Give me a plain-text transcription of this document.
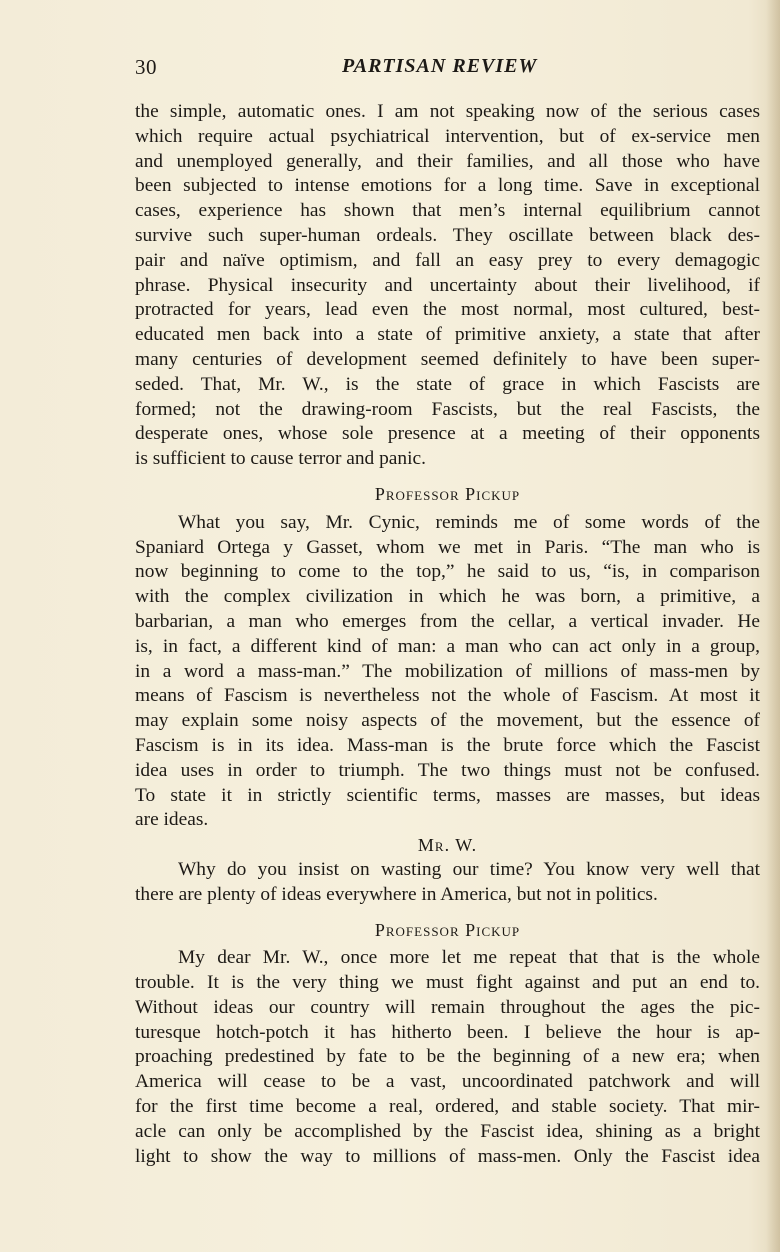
30	PARTISAN REVIEW
the simple, automatic ones. I am not speaking now of the serious cases
which require actual psychiatrical intervention, but of ex-service men
and unemployed generally, and their families, and all those who have
been subjected to intense emotions for a long time. Save in exceptional
cases, experience has shown that men’s internal equilibrium cannot
survive such super-human ordeals. They oscillate between black des-
pair and naïve optimism, and fall an easy prey to every demagogic
phrase. Physical insecurity and uncertainty about their livelihood, if
protracted for years, lead even the most normal, most cultured, best-
educated men back into a state of primitive anxiety, a state that after
many centuries of development seemed definitely to have been super-
seded. That, Mr. W., is the state of grace in which Fascists are
formed; not the drawing-room Fascists, but the real Fascists, the
desperate ones, whose sole presence at a meeting of their opponents
is sufficient to cause terror and panic.
Professor Pickup
What you say, Mr. Cynic, reminds me of some words of the
Spaniard Ortega y Gasset, whom we met in Paris. “The man who is
now beginning to come to the top,” he said to us, “is, in comparison
with the complex civilization in which he was born, a primitive, a
barbarian, a man who emerges from the cellar, a vertical invader. He
is, in fact, a different kind of man: a man who can act only in a group,
in a word a mass-man.” The mobilization of millions of mass-men by
means of Fascism is nevertheless not the whole of Fascism. At most it
may explain some noisy aspects of the movement, but the essence of
Fascism is in its idea. Mass-man is the brute force which the Fascist
idea uses in order to triumph. The two things must not be confused.
To state it in strictly scientific terms, masses are masses, but ideas
are ideas.
Mr. W.
Why do you insist on wasting our time? You know very well that
there are plenty of ideas everywhere in America, but not in politics.
Professor Pickup
My dear Mr. W., once more let me repeat that that is the whole
trouble. It is the very thing we must fight against and put an end to.
Without ideas our country will remain throughout the ages the pic-
turesque hotch-potch it has hitherto been. I believe the hour is ap-
proaching predestined by fate to be the beginning of a new era; when
America will cease to be a vast, uncoordinated patchwork and will
for the first time become a real, ordered, and stable society. That mir-
acle can only be accomplished by the Fascist idea, shining as a bright
light to show the way to millions of mass-men. Only the Fascist idea
